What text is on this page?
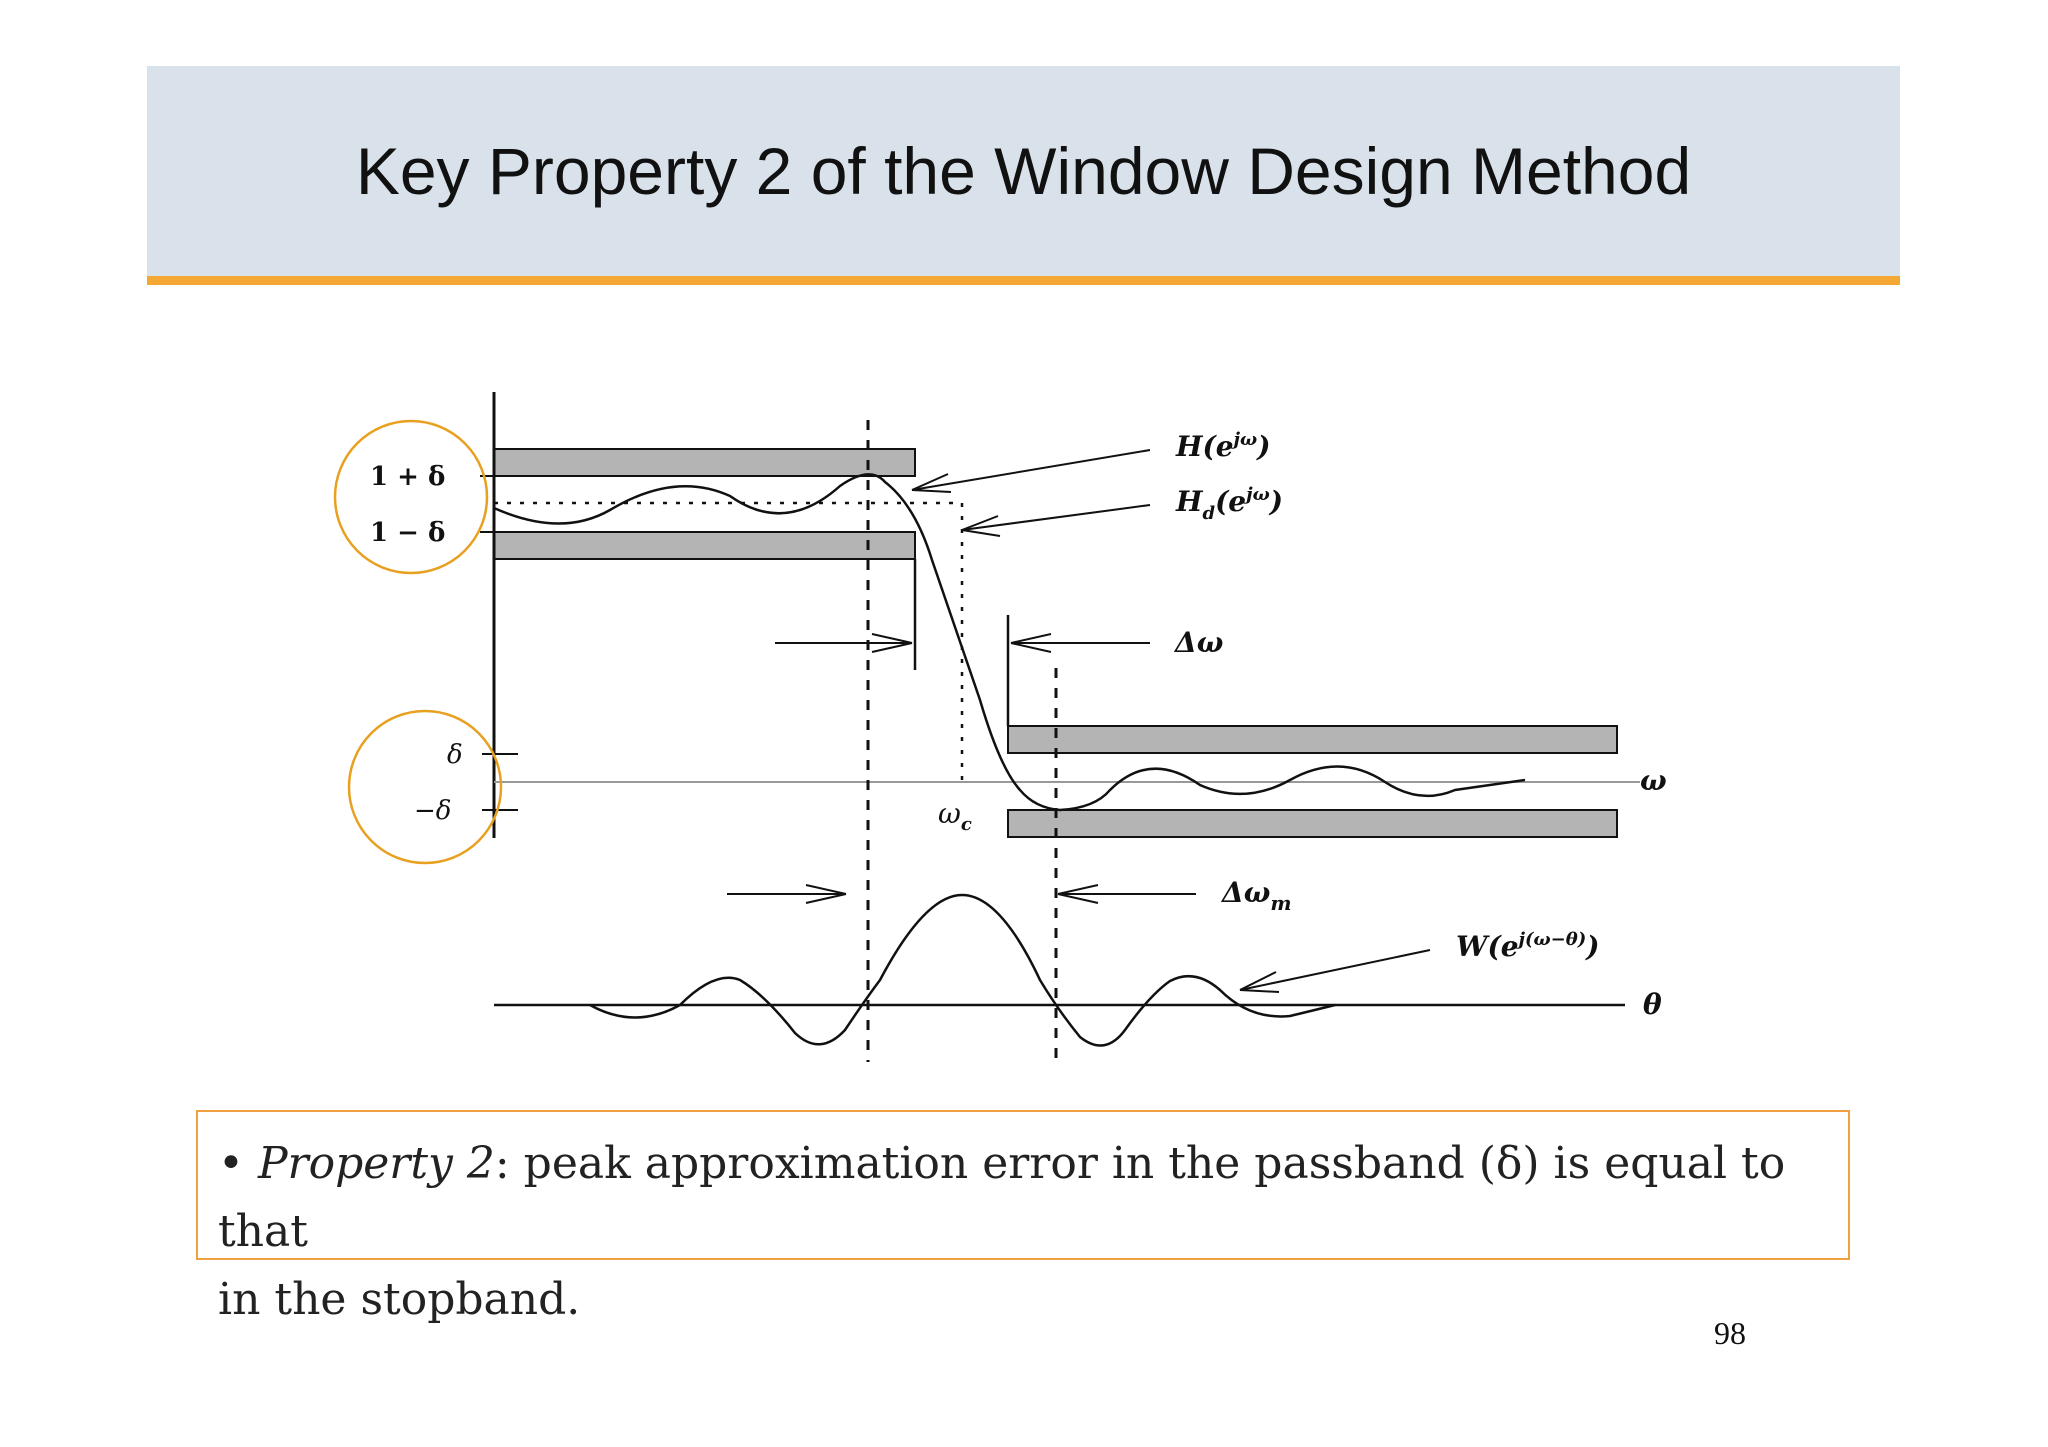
Key Property 2 of the Window Design Method
1 + δ
1 − δ
δ
−δ
$H(e^{j\omega})$
$H_d(e^{j\omega})$
Δω
ω
$\omega_c$
$\Delta\omega_m$
$W(e^{j(\omega-\theta)})$
θ
• Property 2: peak approximation error in the passband (δ) is equal to that
in the stopband.
98
